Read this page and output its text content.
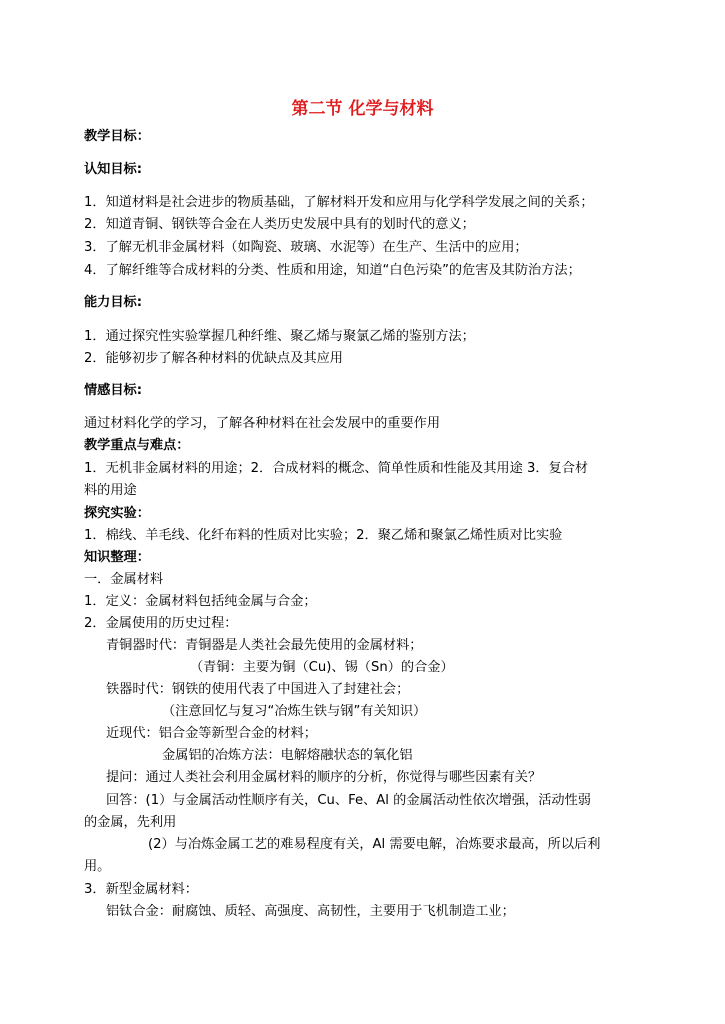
第二节 化学与材料
教学目标：
认知目标:
1．知道材料是社会进步的物质基础，了解材料开发和应用与化学科学发展之间的关系；
2．知道青铜、钢铁等合金在人类历史发展中具有的划时代的意义；
3．了解无机非金属材料（如陶瓷、玻璃、水泥等）在生产、生活中的应用；
4．了解纤维等合成材料的分类、性质和用途，知道“白色污染”的危害及其防治方法；
能力目标:
1．通过探究性实验掌握几种纤维、聚乙烯与聚氯乙烯的鉴别方法；
2．能够初步了解各种材料的优缺点及其应用
情感目标:
通过材料化学的学习，了解各种材料在社会发展中的重要作用
教学重点与难点：
1．无机非金属材料的用途；2．合成材料的概念、简单性质和性能及其用途 3．复合材
料的用途
探究实验：
1．棉线、羊毛线、化纤布料的性质对比实验；2．聚乙烯和聚氯乙烯性质对比实验
知识整理：
一．金属材料
1．定义：金属材料包括纯金属与合金；
2．金属使用的历史过程：
青铜器时代：青铜器是人类社会最先使用的金属材料；
（青铜：主要为铜（Cu)、锡（Sn）的合金）
铁器时代：钢铁的使用代表了中国进入了封建社会；
（注意回忆与复习“冶炼生铁与钢”有关知识）
近现代：铝合金等新型合金的材料；
金属铝的冶炼方法：电解熔融状态的氧化铝
提问：通过人类社会利用金属材料的顺序的分析，你觉得与哪些因素有关？
回答：(1）与金属活动性顺序有关，Cu、Fe、Al 的金属活动性依次增强，活动性弱
的金属，先利用
(2）与冶炼金属工艺的难易程度有关，Al 需要电解，冶炼要求最高，所以后利
用。
3．新型金属材料：
铝钛合金：耐腐蚀、质轻、高强度、高韧性，主要用于飞机制造工业；
